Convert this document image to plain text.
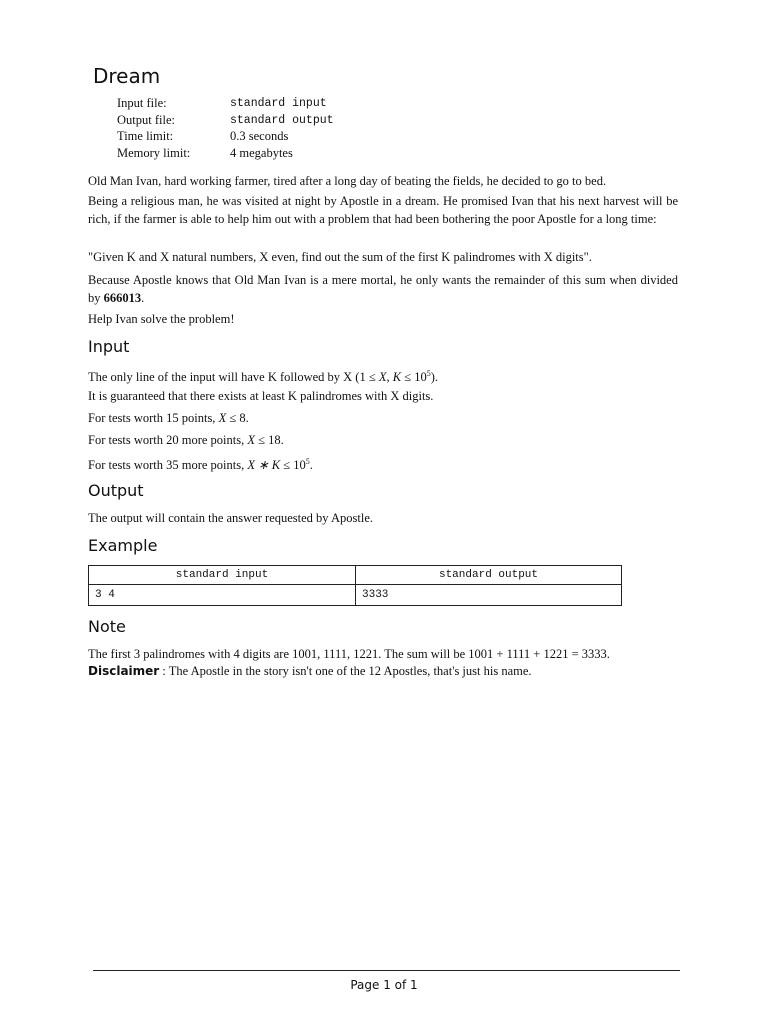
Dream
Input file:	standard input
Output file:	standard output
Time limit:	0.3 seconds
Memory limit:	4 megabytes
Old Man Ivan, hard working farmer, tired after a long day of beating the fields, he decided to go to bed.
Being a religious man, he was visited at night by Apostle in a dream. He promised Ivan that his next harvest will be rich, if the farmer is able to help him out with a problem that had been bothering the poor Apostle for a long time:
"Given K and X natural numbers, X even, find out the sum of the first K palindromes with X digits".
Because Apostle knows that Old Man Ivan is a mere mortal, he only wants the remainder of this sum when divided by 666013.
Help Ivan solve the problem!
Input
The only line of the input will have K followed by X (1 ≤ X, $K \le 10^5$).
It is guaranteed that there exists at least K palindromes with X digits.
For tests worth 15 points, X ≤ 8.
For tests worth 20 more points, X ≤ 18.
For tests worth 35 more points, X ∗ $K \le 10^5$.
Output
The output will contain the answer requested by Apostle.
Example
standard input	standard output
3 4	3333
Note
The first 3 palindromes with 4 digits are 1001, 1111, 1221. The sum will be 1001 + 1111 + 1221 = 3333.
Disclaimer : The Apostle in the story isn't one of the 12 Apostles, that's just his name.
Page 1 of 1
